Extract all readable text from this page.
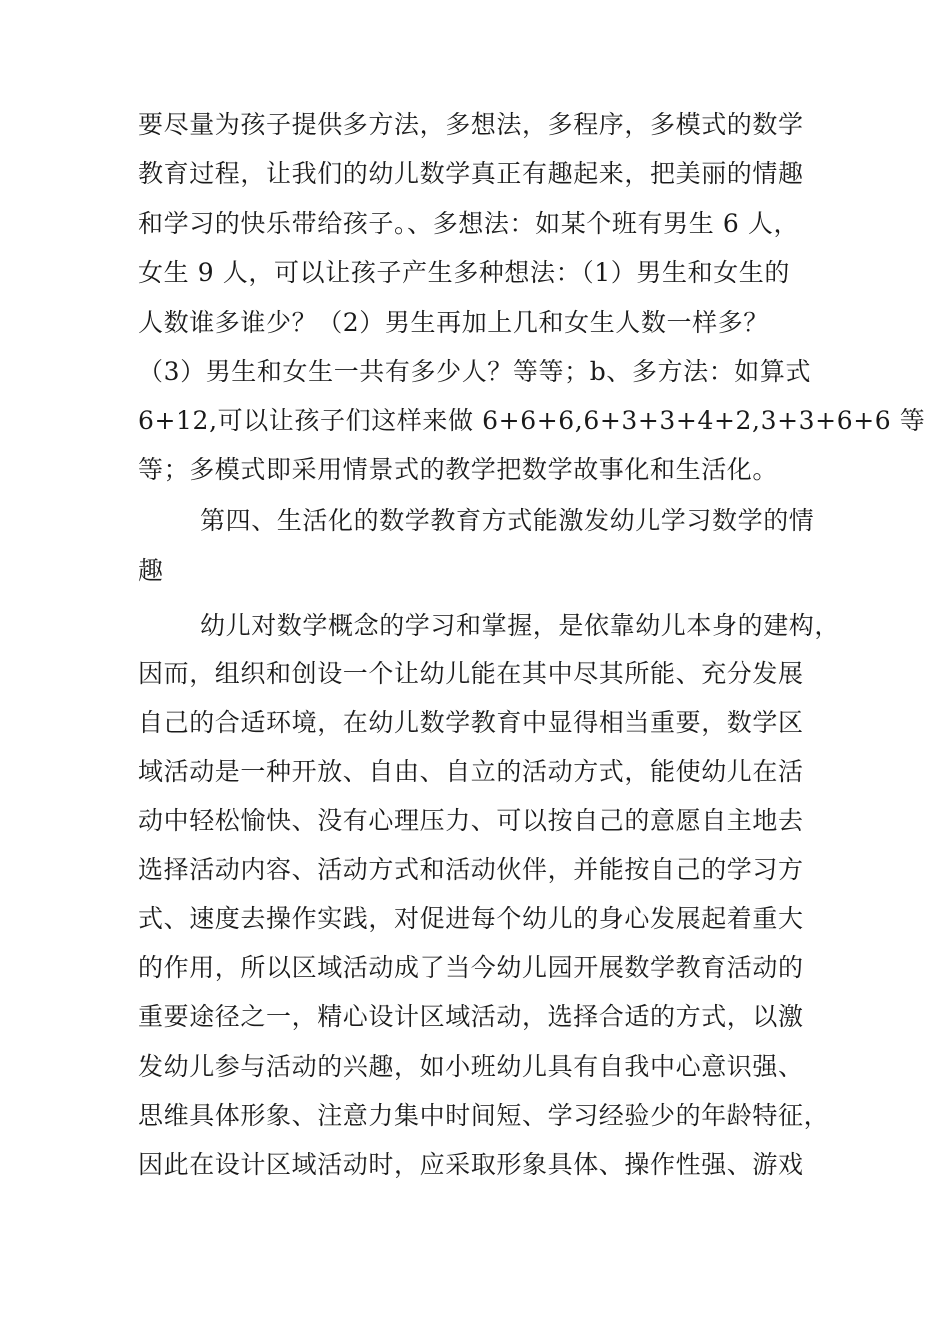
要尽量为孩子提供多方法，多想法，多程序，多模式的数学
教育过程，让我们的幼儿数学真正有趣起来，把美丽的情趣
和学习的快乐带给孩子。、多想法：如某个班有男生 6 人，
女生 9 人，可以让孩子产生多种想法：（1）男生和女生的
人数谁多谁少？（2）男生再加上几和女生人数一样多？
（3）男生和女生一共有多少人？等等；b、多方法：如算式
6+12,可以让孩子们这样来做 6+6+6,6+3+3+4+2,3+3+6+6 等
等；多模式即采用情景式的教学把数学故事化和生活化。
第四、生活化的数学教育方式能激发幼儿学习数学的情
趣
幼儿对数学概念的学习和掌握，是依靠幼儿本身的建构，
因而，组织和创设一个让幼儿能在其中尽其所能、充分发展
自己的合适环境，在幼儿数学教育中显得相当重要，数学区
域活动是一种开放、自由、自立的活动方式，能使幼儿在活
动中轻松愉快、没有心理压力、可以按自己的意愿自主地去
选择活动内容、活动方式和活动伙伴，并能按自己的学习方
式、速度去操作实践，对促进每个幼儿的身心发展起着重大
的作用，所以区域活动成了当今幼儿园开展数学教育活动的
重要途径之一，精心设计区域活动，选择合适的方式，以激
发幼儿参与活动的兴趣，如小班幼儿具有自我中心意识强、
思维具体形象、注意力集中时间短、学习经验少的年龄特征，
因此在设计区域活动时，应采取形象具体、操作性强、游戏
